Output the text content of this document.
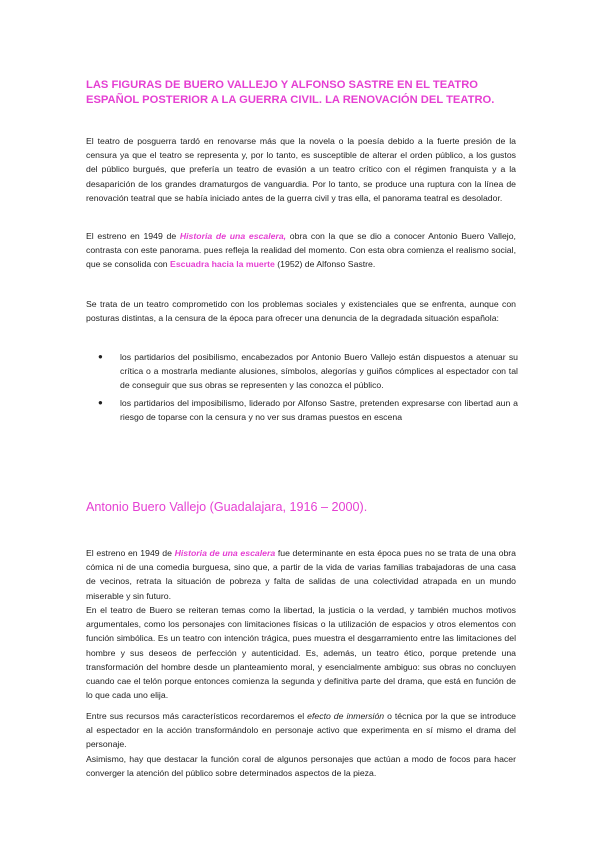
LAS FIGURAS DE BUERO VALLEJO Y ALFONSO SASTRE EN EL TEATRO ESPAÑOL POSTERIOR A LA GUERRA CIVIL. LA RENOVACIÓN DEL TEATRO.

El teatro de posguerra tardó en renovarse más que la novela o la poesía debido a la fuerte presión de la censura ya que el teatro se representa y, por lo tanto, es susceptible de alterar el orden público, a los gustos del público burgués, que prefería un teatro de evasión a un teatro crítico con el régimen franquista y a la desaparición de los grandes dramaturgos de vanguardia. Por lo tanto, se produce una ruptura con la línea de renovación teatral que se había iniciado antes de la guerra civil y tras ella, el panorama teatral es desolador.

El estreno en 1949 de Historia de una escalera, obra con la que se dio a conocer Antonio Buero Vallejo, contrasta con este panorama. pues refleja la realidad del momento. Con esta obra comienza el realismo social, que se consolida con Escuadra hacia la muerte (1952) de Alfonso Sastre.

Se trata de un teatro comprometido con los problemas sociales y existenciales que se enfrenta, aunque con posturas distintas, a la censura de la época para ofrecer una denuncia de la degradada situación española:

● los partidarios del posibilismo, encabezados por Antonio Buero Vallejo están dispuestos a atenuar su crítica o a mostrarla mediante alusiones, símbolos, alegorías y guiños cómplices al espectador con tal de conseguir que sus obras se representen y las conozca el público.
● los partidarios del imposibilismo, liderado por Alfonso Sastre, pretenden expresarse con libertad aun a riesgo de toparse con la censura y no ver sus dramas puestos en escena
Antonio Buero Vallejo (Guadalajara, 1916 – 2000).

El estreno en 1949 de Historia de una escalera fue determinante en esta época pues no se trata de una obra cómica ni de una comedia burguesa, sino que, a partir de la vida de varias familias trabajadoras de una casa de vecinos, retrata la situación de pobreza y falta de salidas de una colectividad atrapada en un mundo miserable y sin futuro.

En el teatro de Buero se reiteran temas como la libertad, la justicia o la verdad, y también muchos motivos argumentales, como los personajes con limitaciones físicas o la utilización de espacios y otros elementos con función simbólica. Es un teatro con intención trágica, pues muestra el desgarramiento entre las limitaciones del hombre y sus deseos de perfección y autenticidad. Es, además, un teatro ético, porque pretende una transformación del hombre desde un planteamiento moral, y esencialmente ambiguo: sus obras no concluyen cuando cae el telón porque entonces comienza la segunda y definitiva parte del drama, que está en función de lo que cada uno elija.

Entre sus recursos más característicos recordaremos el efecto de inmersión o técnica por la que se introduce al espectador en la acción transformándolo en personaje activo que experimenta en sí mismo el drama del personaje.

Asimismo, hay que destacar la función coral de algunos personajes que actúan a modo de focos para hacer converger la atención del público sobre determinados aspectos de la pieza.
